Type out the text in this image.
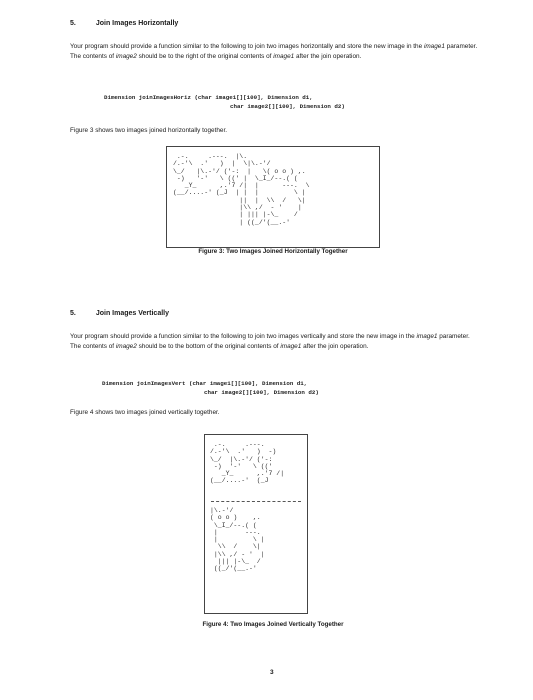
5.	Join Images Horizontally
Your program should provide a function similar to the following to join two images horizontally and store the new image in the image1 parameter. The contents of image2 should be to the right of the original contents of image1 after the join operation.
Dimension joinImagesHoriz (char image1[][100], Dimension d1,
char image2[][100], Dimension d2)
Figure 3 shows two images joined horizontally together.
.-.     .---.  |\.
/.-'\  .'   )  |  \|\.-'/
\_/   |\.-'/ ('-:  |   \( o o ) ,.
-)   '-'   \ ((' |  \_I_/--.( (
_Y_      ,.'7 /|  |      ---.  \
(__/....-' (_J  | |  |         \ |
||  |  \\  /   \|
|\\ ,/  - '    |
| ||| |-\_    /
| ((_/'(__.-'
Figure 3: Two Images Joined Horizontally Together
5.	Join Images Vertically
Your program should provide a function similar to the following to join two images vertically and store the new image in the image1 parameter. The contents of image2 should be to the bottom of the original contents of image1 after the join operation.
Dimension joinImagesVert (char image1[][100], Dimension d1,
char image2[][100], Dimension d2)
Figure 4 shows two images joined vertically together.
.-.     .---.
/.-'\  .'   )  -)
\_/  |\.-'/ ('-:
-)  '-'   \ (('
_Y_      ,.'7 /|
(__/....-'  (_J
|\.-'/
( o o )    ,.
\_I_/--.( (
|       ---.
|         \ |
\\  /    \|
|\\ ,/ - '  |
||| |-\_  /
((_/'(__.-'
Figure 4: Two Images Joined Vertically Together
3
